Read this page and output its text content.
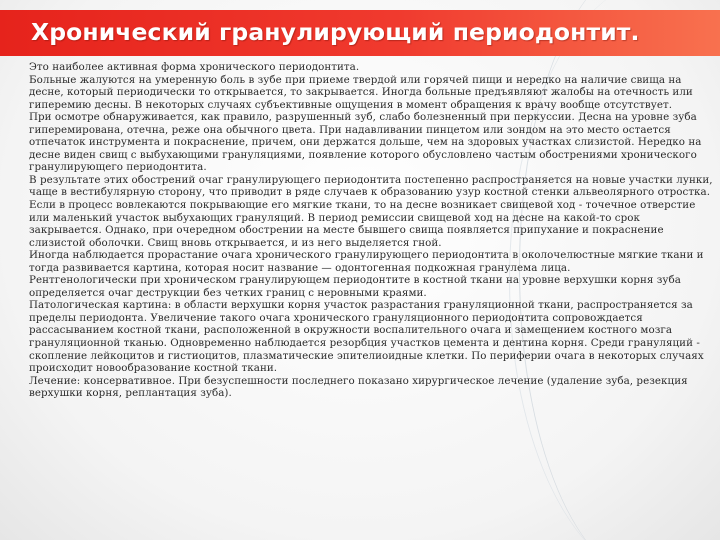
Хронический гранулирующий периодонтит.

Это наиболее активная форма хронического периодонтита.

Больные жалуются на умеренную боль в зубе при приеме твердой или горячей пищи и нередко на наличие свища на десне, который периодически то открывается, то закрывается. Иногда больные предъявляют жалобы на отечность или гиперемию десны. В некоторых случаях субъективные ощущения в момент обращения к врачу вообще отсутствует.

При осмотре обнаруживается, как правило, разрушенный зуб, слабо болезненный при перкуссии. Десна на уровне зуба гиперемирована, отечна, реже она обычного цвета. При надавливании пинцетом или зондом на это место остается отпечаток инструмента и покраснение, причем, они держатся дольше, чем на здоровых участках слизистой. Нередко на десне виден свищ с выбухающими грануляциями, появление которого обусловлено частым обострениями хронического гранулирующего периодонтита.

В результате этих обострений очаг гранулирующего периодонтита постепенно распространяется на новые участки лунки, чаще в вестибулярную сторону, что приводит в ряде случаев к образованию узур костной стенки альвеолярного отростка. Если в процесс вовлекаются покрывающие его мягкие ткани, то на десне возникает свищевой ход - точечное отверстие или маленький участок выбухающих грануляций. В период ремиссии свищевой ход на десне на какой-то срок закрывается. Однако, при очередном обострении на месте бывшего свища появляется припухание и покраснение слизистой оболочки. Свищ вновь открывается, и из него выделяется гной.

Иногда наблюдается прорастание очага хронического гранулирующего периодонтита в околочелюстные мягкие ткани и тогда развивается картина, которая носит название — одонтогенная подкожная гранулема лица.

Рентгенологически при хроническом гранулирующем периодонтите в костной ткани на уровне верхушки корня зуба определяется очаг деструкции без четких границ с неровными краями.

Патологическая картина: в области верхушки корня участок разрастания грануляционной ткани, распространяется за пределы периодонта. Увеличение такого очага хронического грануляционного периодонтита сопровождается рассасыванием костной ткани, расположенной в окружности воспалительного очага и замещением костного мозга грануляционной тканью. Одновременно наблюдается резорбция участков цемента и дентина корня. Среди грануляций - скопление лейкоцитов и гистиоцитов, плазматические эпителиоидные клетки. По периферии очага в некоторых случаях происходит новообразование костной ткани.

Лечение: консервативное. При безуспешности последнего показано хирургическое лечение (удаление зуба, резекция верхушки корня, реплантация зуба).
